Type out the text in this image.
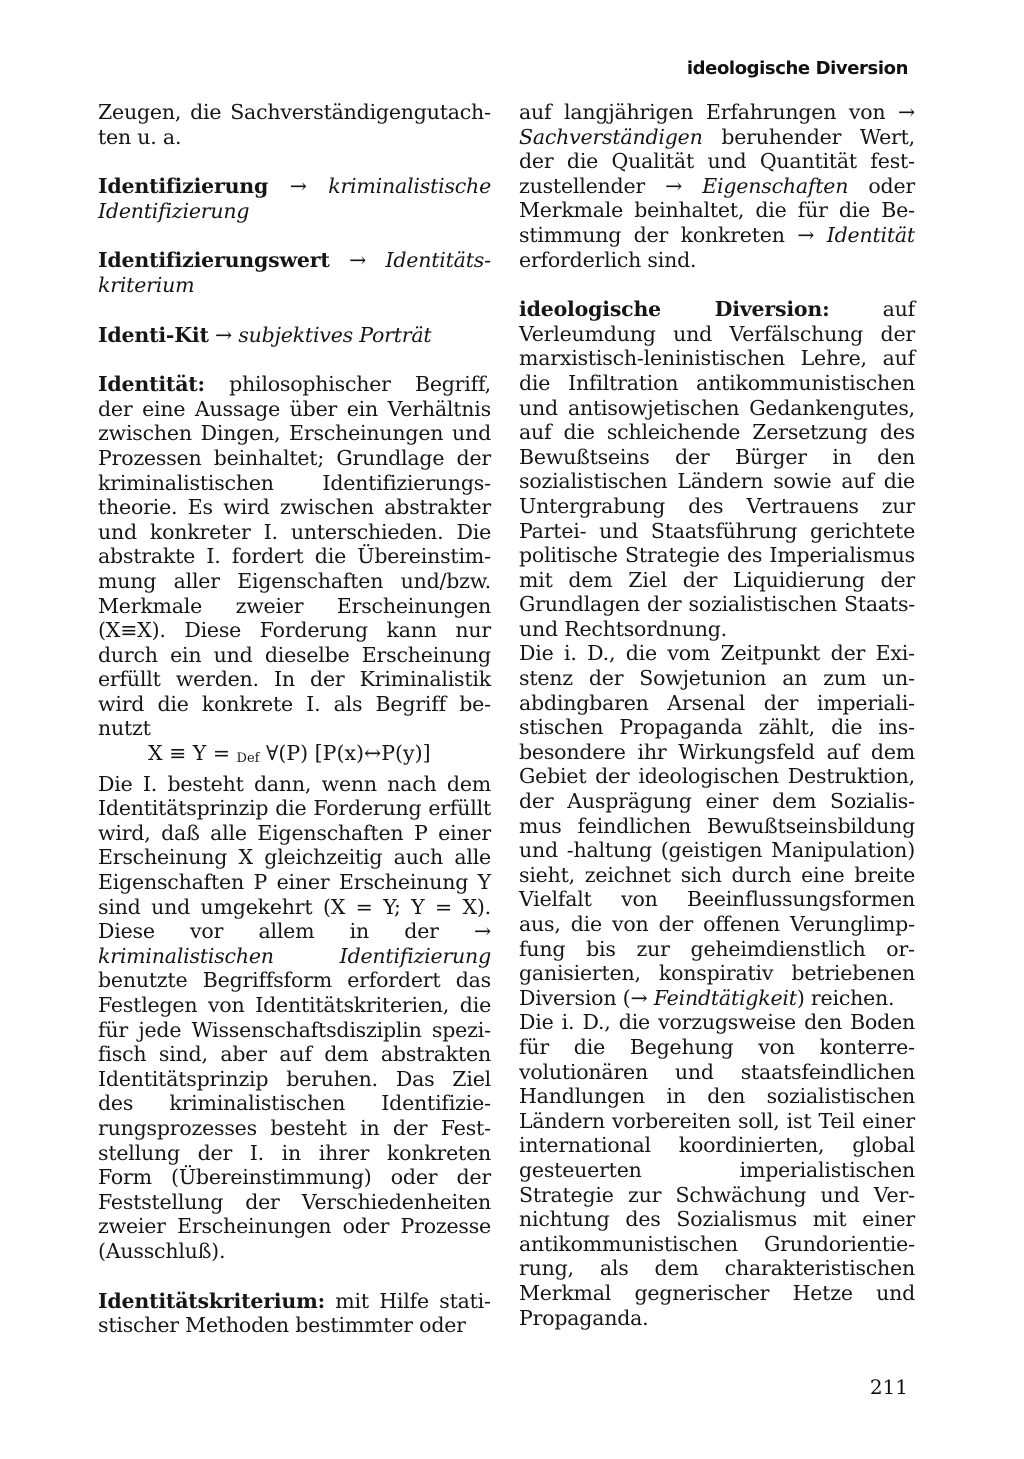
ideologische Diversion
Zeugen, die Sachverständigengutachten u. a.
Identifizierung → kriminalistische Identifizierung
Identifizierungswert → Identitätskriterium
Identi-Kit → subjektives Porträt
Identität: philosophischer Begriff, der eine Aussage über ein Verhältnis zwischen Dingen, Erscheinungen und Prozessen beinhaltet; Grundlage der kriminalistischen Identifizierungstheorie. Es wird zwischen abstrakter und konkreter I. unterschieden. Die abstrakte I. fordert die Übereinstimmung aller Eigenschaften und/bzw. Merkmale zweier Erscheinungen (X≡X). Diese Forderung kann nur durch ein und dieselbe Erscheinung erfüllt werden. In der Kriminalistik wird die konkrete I. als Begriff benutzt
X ≡ Y = $_{Def}$ ∀(P) [P(x)↔P(y)]
Die I. besteht dann, wenn nach dem Identitätsprinzip die Forderung erfüllt wird, daß alle Eigenschaften P einer Erscheinung X gleichzeitig auch alle Eigenschaften P einer Erscheinung Y sind und umgekehrt (X = Y; Y = X). Diese vor allem in der → kriminalistischen Identifizierung benutzte Begriffsform erfordert das Festlegen von Identitätskriterien, die für jede Wissenschaftsdisziplin spezifisch sind, aber auf dem abstrakten Identitätsprinzip beruhen. Das Ziel des kriminalistischen Identifizierungsprozesses besteht in der Feststellung der I. in ihrer konkreten Form (Übereinstimmung) oder der Feststellung der Verschiedenheiten zweier Erscheinungen oder Prozesse (Ausschluß).
Identitätskriterium: mit Hilfe statistischer Methoden bestimmter oder
auf langjährigen Erfahrungen von → Sachverständigen beruhender Wert, der die Qualität und Quantität festzustellender → Eigenschaften oder Merkmale beinhaltet, die für die Bestimmung der konkreten → Identität erforderlich sind.

ideologische Diversion:	auf Verleumdung und Verfälschung der marxistisch-leninistischen Lehre, auf die Infiltration antikommunistischen und antisowjetischen Gedankengutes, auf die schleichende Zersetzung des Bewußtseins der Bürger in den sozialistischen Ländern sowie auf die Untergrabung des Vertrauens zur Partei- und Staatsführung gerichtete politische Strategie des Imperialismus mit dem Ziel der Liquidierung der Grundlagen der sozialistischen Staats- und Rechtsordnung.

Die i. D., die vom Zeitpunkt der Existenz der Sowjetunion an zum unabdingbaren Arsenal der imperialistischen Propaganda zählt, die insbesondere ihr Wirkungsfeld auf dem Gebiet der ideologischen Destruktion, der Ausprägung einer dem Sozialismus feindlichen Bewußtseinsbildung und -haltung (geistigen Manipulation) sieht, zeichnet sich durch eine breite Vielfalt von Beeinflussungsformen aus, die von der offenen Verunglimpfung bis zur geheimdienstlich organisierten, konspirativ betriebenen Diversion (→ Feindtätigkeit) reichen.

Die i. D., die vorzugsweise den Boden für die Begehung von konterrevolutionären und staatsfeindlichen Handlungen in den sozialistischen Ländern vorbereiten soll, ist Teil einer international koordinierten, global gesteuerten imperialistischen Strategie zur Schwächung und Vernichtung des Sozialismus mit einer antikommunistischen Grundorientierung, als dem charakteristischen Merkmal gegnerischer Hetze und Propaganda.

211
